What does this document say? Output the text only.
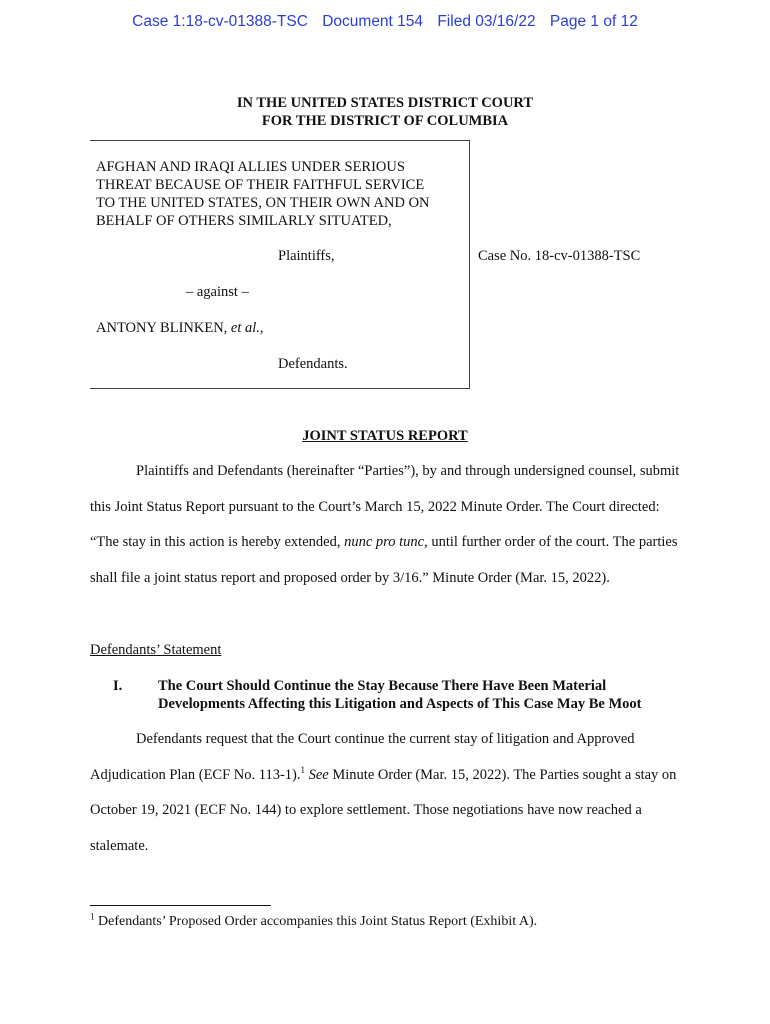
Case 1:18-cv-01388-TSC Document 154 Filed 03/16/22 Page 1 of 12
IN THE UNITED STATES DISTRICT COURT
FOR THE DISTRICT OF COLUMBIA
AFGHAN AND IRAQI ALLIES UNDER SERIOUS
THREAT BECAUSE OF THEIR FAITHFUL SERVICE
TO THE UNITED STATES, ON THEIR OWN AND ON
BEHALF OF OTHERS SIMILARLY SITUATED,
Plaintiffs,
– against –
ANTONY BLINKEN, et al.,
Defendants.
Case No. 18-cv-01388-TSC
JOINT STATUS REPORT
Plaintiffs and Defendants (hereinafter “Parties”), by and through undersigned counsel, submit this Joint Status Report pursuant to the Court’s March 15, 2022 Minute Order. The Court directed: “The stay in this action is hereby extended, nunc pro tunc, until further order of the court. The parties shall file a joint status report and proposed order by 3/16.” Minute Order (Mar. 15, 2022).
Defendants’ Statement
I. The Court Should Continue the Stay Because There Have Been Material Developments Affecting this Litigation and Aspects of This Case May Be Moot
Defendants request that the Court continue the current stay of litigation and Approved Adjudication Plan (ECF No. 113-1).$^1$ See Minute Order (Mar. 15, 2022). The Parties sought a stay on October 19, 2021 (ECF No. 144) to explore settlement. Those negotiations have now reached a stalemate.
$^1$ Defendants’ Proposed Order accompanies this Joint Status Report (Exhibit A).
